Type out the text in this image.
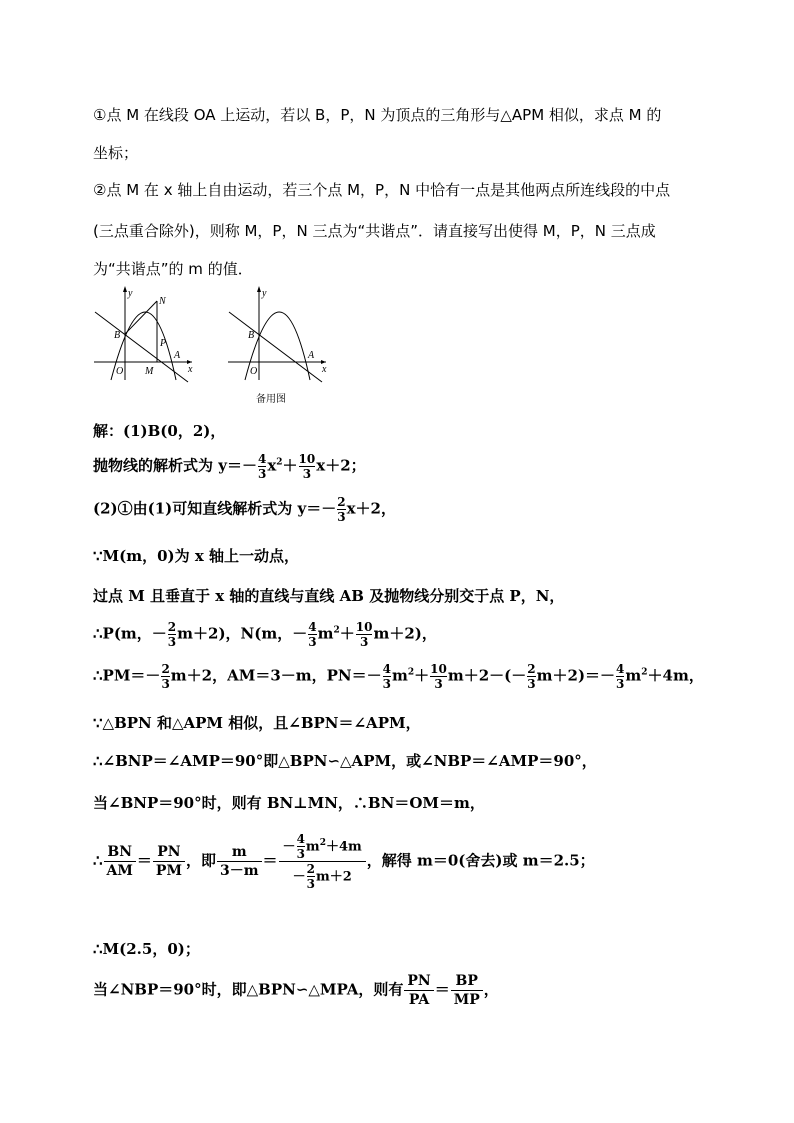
①点 M 在线段 OA 上运动，若以 B，P，N 为顶点的三角形与△APM 相似，求点 M 的
坐标；
②点 M 在 x 轴上自由运动，若三个点 M，P，N 中恰有一点是其他两点所连线段的中点
(三点重合除外)，则称 M，P，N 三点为“共谐点”．请直接写出使得 M，P，N 三点成
为“共谐点”的 m 的值．
y
x
N
B
P
A
O M
y
x
B
A
O
备用图
解：(1)B(0，2)，
抛物线的解析式为 $y=- \frac{4}{3} x^2+ \frac{10}{3} x+2$；
(2)①由(1)可知直线解析式为 $y=- \frac{2}{3} x+2$，
∵M(m，0)为 x 轴上一动点，
过点 M 且垂直于 x 轴的直线与直线 AB 及抛物线分别交于点 P，N，
∴P(m，－ $\frac{2}{3} m+2$)，N(m，－ $\frac{4}{3} m^2+ \frac{10}{3} m+2$)，
∴PM＝－ $\frac{2}{3} m+2$，AM＝3－m，$PN=- \frac{4}{3} m^2+ \frac{10}{3} m+2-(- \frac{2}{3} m+2)=- \frac{4}{3} m^2+4m$，
∵△BPN 和△APM 相似，且∠BPN＝∠APM，
∴∠BNP＝∠AMP＝90°即△BPN∽△APM，或∠NBP＝∠AMP＝90°，
当∠BNP＝90°时，则有 BN⊥MN，∴BN＝OM＝m，
∴ $\frac{BN}{AM} = \frac{PN}{PM}$ ，即 $\frac{m}{3-m} = \frac{- \frac{4}{3} m^2+4m}{- \frac{2}{3} m+2}$ ，解得 m＝0(舍去)或 m＝2.5；
∴M(2.5，0)；
当∠NBP＝90°时，即△BPN∽△MPA，则有 $\frac{PN}{PA} = \frac{BP}{MP}$ ，
